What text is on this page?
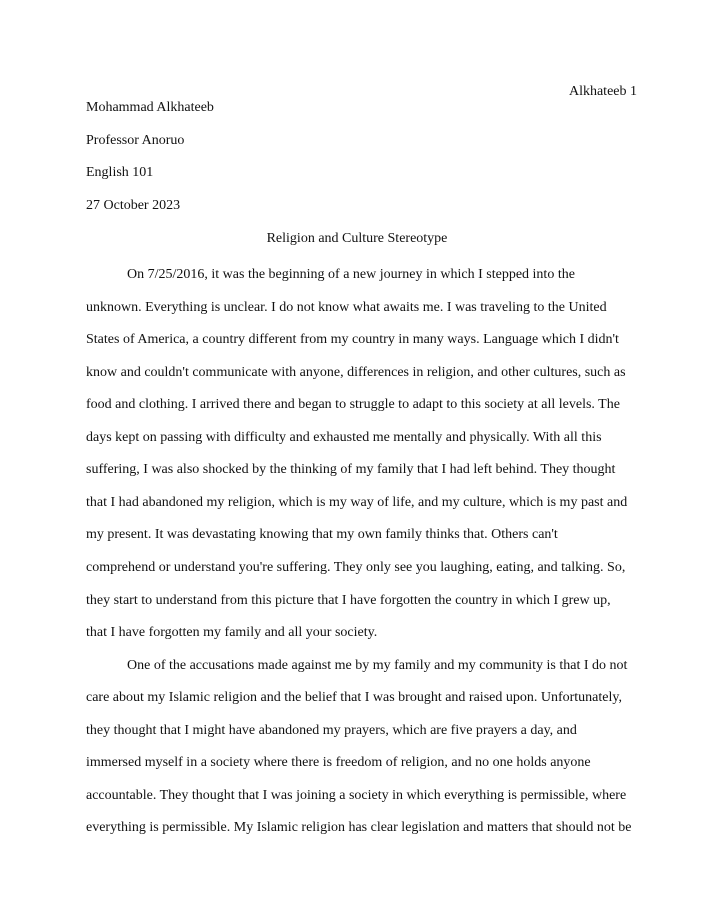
Alkhateeb 1
Mohammad Alkhateeb
Professor Anoruo
English 101
27 October 2023
Religion and Culture Stereotype
On 7/25/2016, it was the beginning of a new journey in which I stepped into the
unknown. Everything is unclear. I do not know what awaits me. I was traveling to the United
States of America, a country different from my country in many ways. Language which I didn't
know and couldn't communicate with anyone, differences in religion, and other cultures, such as
food and clothing. I arrived there and began to struggle to adapt to this society at all levels. The
days kept on passing with difficulty and exhausted me mentally and physically. With all this
suffering, I was also shocked by the thinking of my family that I had left behind. They thought
that I had abandoned my religion, which is my way of life, and my culture, which is my past and
my present. It was devastating knowing that my own family thinks that. Others can't
comprehend or understand you're suffering. They only see you laughing, eating, and talking. So,
they start to understand from this picture that I have forgotten the country in which I grew up,
that I have forgotten my family and all your society.
One of the accusations made against me by my family and my community is that I do not
care about my Islamic religion and the belief that I was brought and raised upon. Unfortunately,
they thought that I might have abandoned my prayers, which are five prayers a day, and
immersed myself in a society where there is freedom of religion, and no one holds anyone
accountable. They thought that I was joining a society in which everything is permissible, where
everything is permissible. My Islamic religion has clear legislation and matters that should not be
